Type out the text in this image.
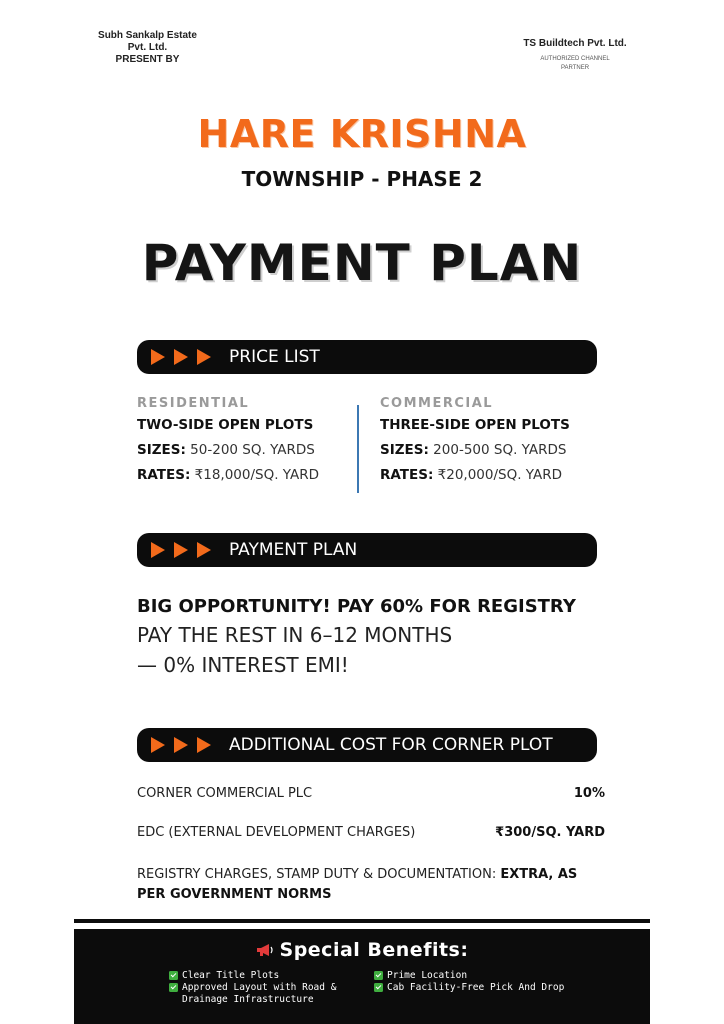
Subh Sankalp Estate
Pvt. Ltd.
PRESENT BY
TS Buildtech Pvt. Ltd.
AUTHORIZED CHANNEL
PARTNER
HARE KRISHNA
TOWNSHIP - PHASE 2
PAYMENT PLAN
PRICE LIST
RESIDENTIAL
TWO-SIDE OPEN PLOTS
SIZES: 50-200 SQ. YARDS
RATES: ₹18,000/SQ. YARD
COMMERCIAL
THREE-SIDE OPEN PLOTS
SIZES: 200-500 SQ. YARDS
RATES: ₹20,000/SQ. YARD
PAYMENT PLAN
BIG OPPORTUNITY! PAY 60% FOR REGISTRY
PAY THE REST IN 6–12 MONTHS
— 0% INTEREST EMI!
ADDITIONAL COST FOR CORNER PLOT
CORNER COMMERCIAL PLC	10%
EDC (EXTERNAL DEVELOPMENT CHARGES)	₹300/SQ. YARD
REGISTRY CHARGES, STAMP DUTY & DOCUMENTATION: EXTRA, AS PER GOVERNMENT NORMS
Special Benefits:
Clear Title Plots
Approved Layout with Road & Drainage Infrastructure
Prime Location
Cab Facility-Free Pick And Drop
